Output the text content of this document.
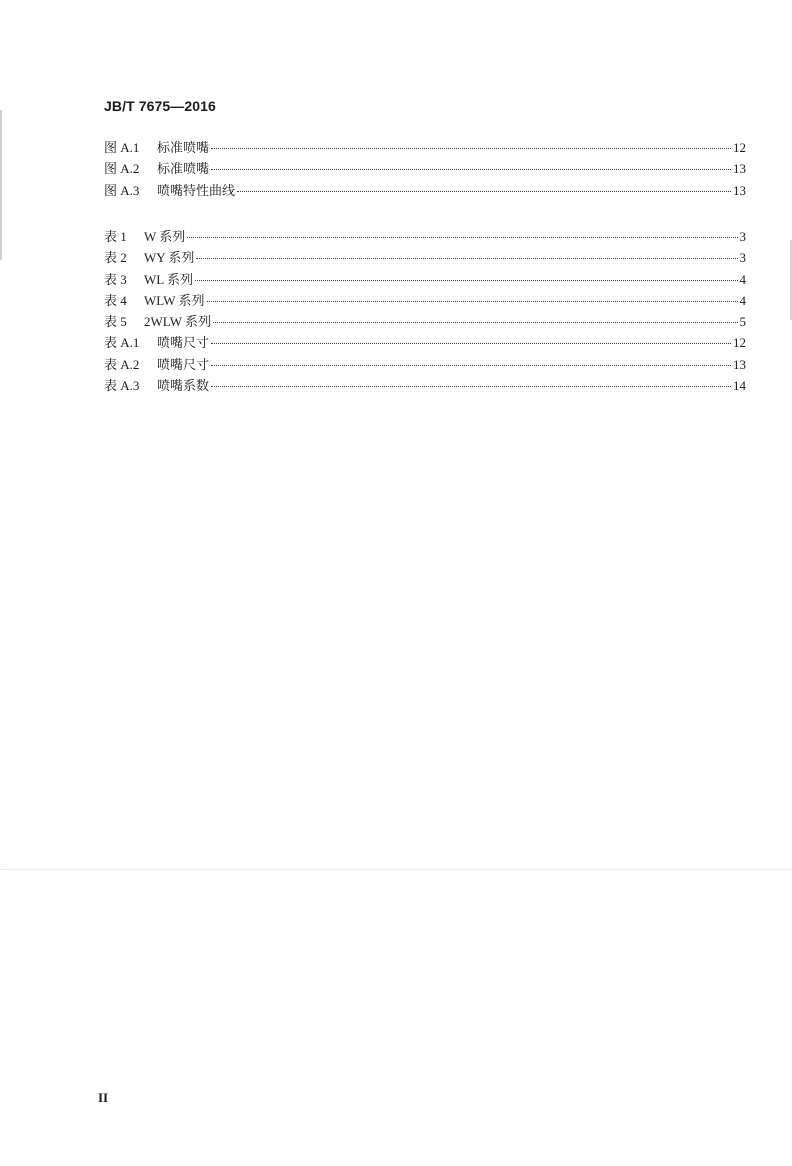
JB/T 7675—2016
图 A.1	标准喷嘴	12
图 A.2	标准喷嘴	13
图 A.3	喷嘴特性曲线	13
表 1	W 系列	3
表 2	WY 系列	3
表 3	WL 系列	4
表 4	WLW 系列	4
表 5	2WLW 系列	5
表 A.1	喷嘴尺寸	12
表 A.2	喷嘴尺寸	13
表 A.3	喷嘴系数	14
II
